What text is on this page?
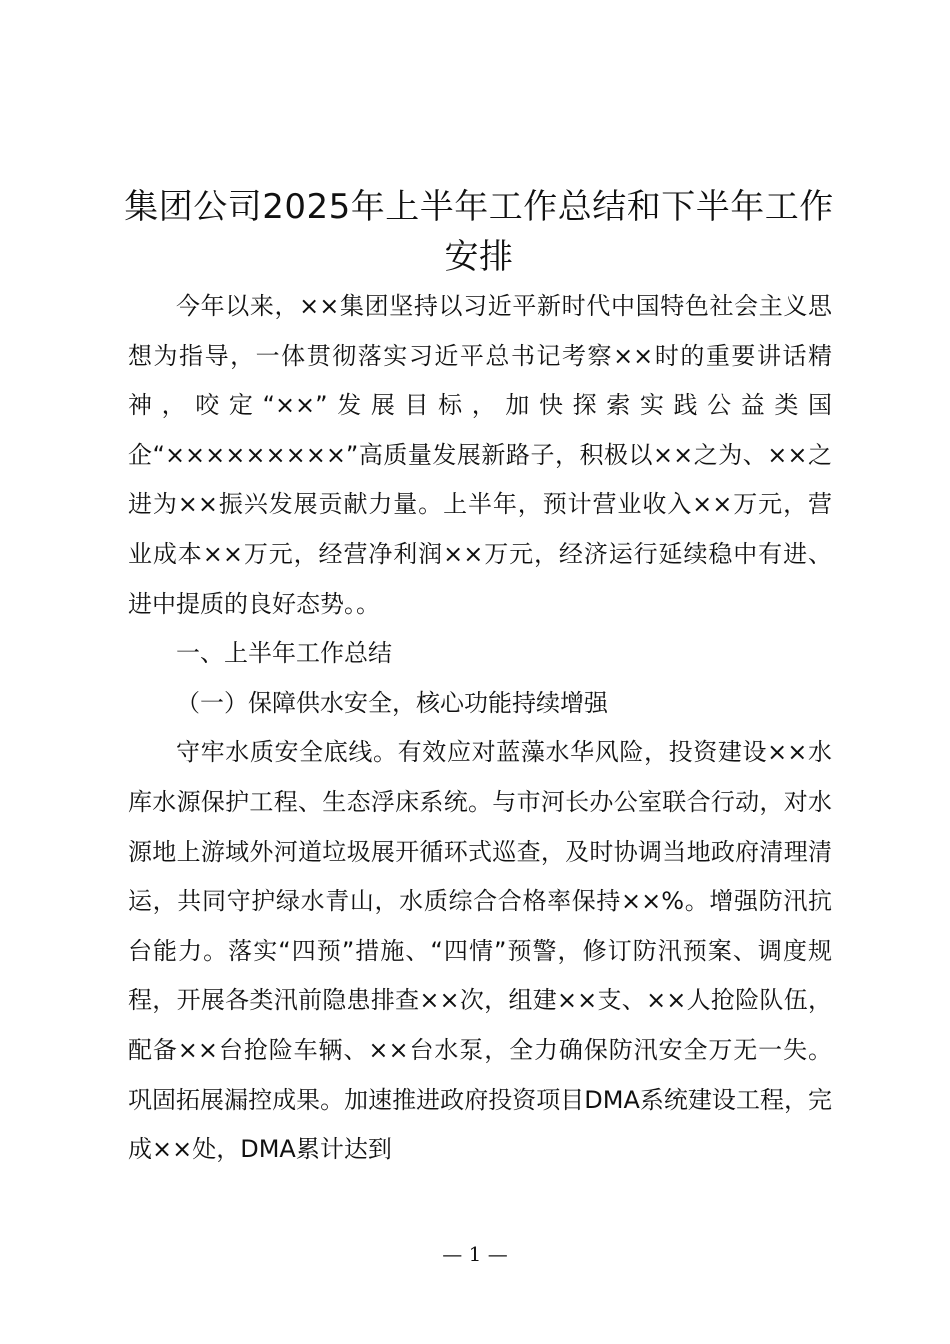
集团公司2025年上半年工作总结和下半年工作安排

今年以来，××集团坚持以习近平新时代中国特色社会主义思想为指导，一体贯彻落实习近平总书记考察××时的重要讲话精神，咬定“××”发展目标，加快探索实践公益类国企“×××××××××”高质量发展新路子，积极以××之为、××之进为××振兴发展贡献力量。上半年，预计营业收入××万元，营业成本××万元，经营净利润××万元，经济运行延续稳中有进、进中提质的良好态势。。

一、上半年工作总结

（一）保障供水安全，核心功能持续增强

守牢水质安全底线。有效应对蓝藻水华风险，投资建设××水库水源保护工程、生态浮床系统。与市河长办公室联合行动，对水源地上游域外河道垃圾展开循环式巡查，及时协调当地政府清理清运，共同守护绿水青山，水质综合合格率保持××%。增强防汛抗台能力。落实“四预”措施、“四情”预警，修订防汛预案、调度规程，开展各类汛前隐患排查××次，组建××支、××人抢险队伍，配备××台抢险车辆、××台水泵，全力确保防汛安全万无一失。巩固拓展漏控成果。加速推进政府投资项目DMA系统建设工程，完成××处，DMA累计达到

— 1 —
